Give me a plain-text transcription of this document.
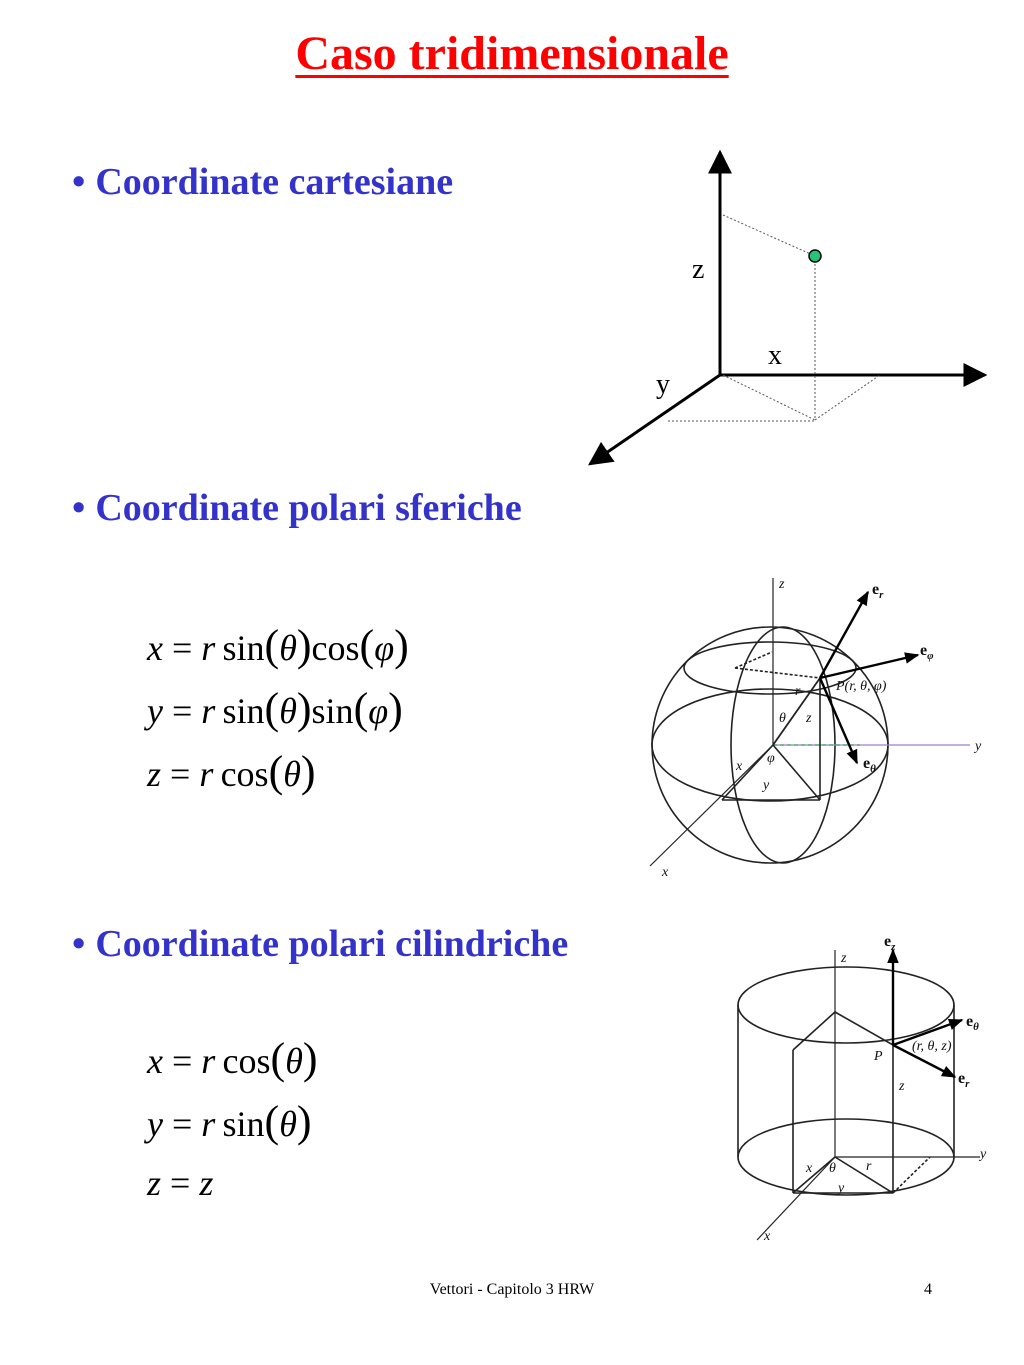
Caso tridimensionale
• Coordinate cartesiane
z
x
y
• Coordinate polari sferiche
x = r  sin(θ)cos(φ)
y = r  sin(θ)sin(φ)
z = r  cos(θ)
z
y
x
P(r, θ, φ)
r
z
θ
φ
x
y
$e_r$
$e_\varphi$
$e_\theta$
• Coordinate polari cilindriche
x = r  cos(θ)
y = r  sin(θ)
z = z
z
y
x
P
(r, θ, z)
z
r
θ
x
y
$e_z$
$e_\theta$
$e_r$
Vettori - Capitolo 3 HRW	4
